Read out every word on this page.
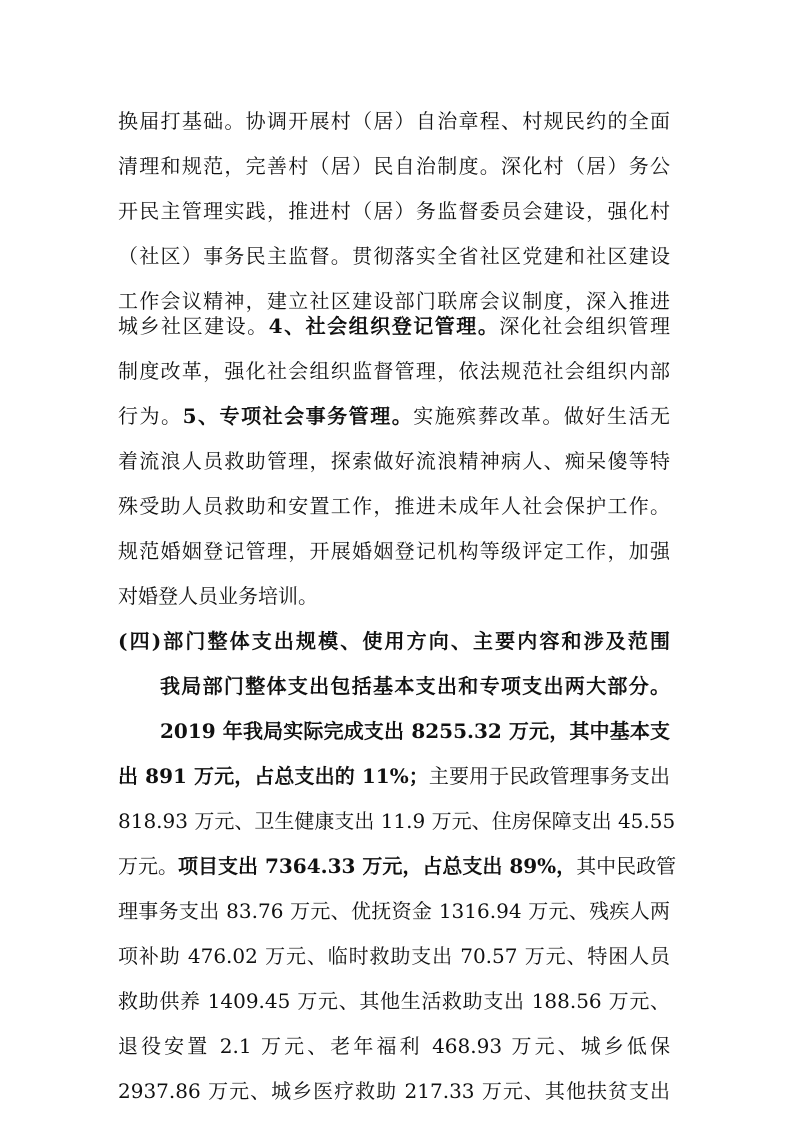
换届打基础。协调开展村（居）自治章程、村规民约的全面

清理和规范，完善村（居）民自治制度。深化村（居）务公

开民主管理实践，推进村（居）务监督委员会建设，强化村

（社区）事务民主监督。贯彻落实全省社区党建和社区建设

工作会议精神，建立社区建设部门联席会议制度，深入推进

城乡社区建设。4、社会组织登记管理。深化社会组织管理

制度改革，强化社会组织监督管理，依法规范社会组织内部

行为。5、专项社会事务管理。实施殡葬改革。做好生活无

着流浪人员救助管理，探索做好流浪精神病人、痴呆傻等特

殊受助人员救助和安置工作，推进未成年人社会保护工作。

规范婚姻登记管理，开展婚姻登记机构等级评定工作，加强

对婚登人员业务培训。

(四)部门整体支出规模、使用方向、主要内容和涉及范围

我局部门整体支出包括基本支出和专项支出两大部分。

2019 年我局实际完成支出 8255.32 万元，其中基本支

出 891 万元，占总支出的 11%；主要用于民政管理事务支出

818.93 万元、卫生健康支出 11.9 万元、住房保障支出 45.55

万元。项目支出 7364.33 万元，占总支出 89%，其中民政管

理事务支出 83.76 万元、优抚资金 1316.94 万元、残疾人两

项补助 476.02 万元、临时救助支出 70.57 万元、特困人员

救助供养 1409.45 万元、其他生活救助支出 188.56 万元、

退役安置 2.1 万元、老年福利 468.93 万元、城乡低保

2937.86 万元、城乡医疗救助 217.33 万元、其他扶贫支出
